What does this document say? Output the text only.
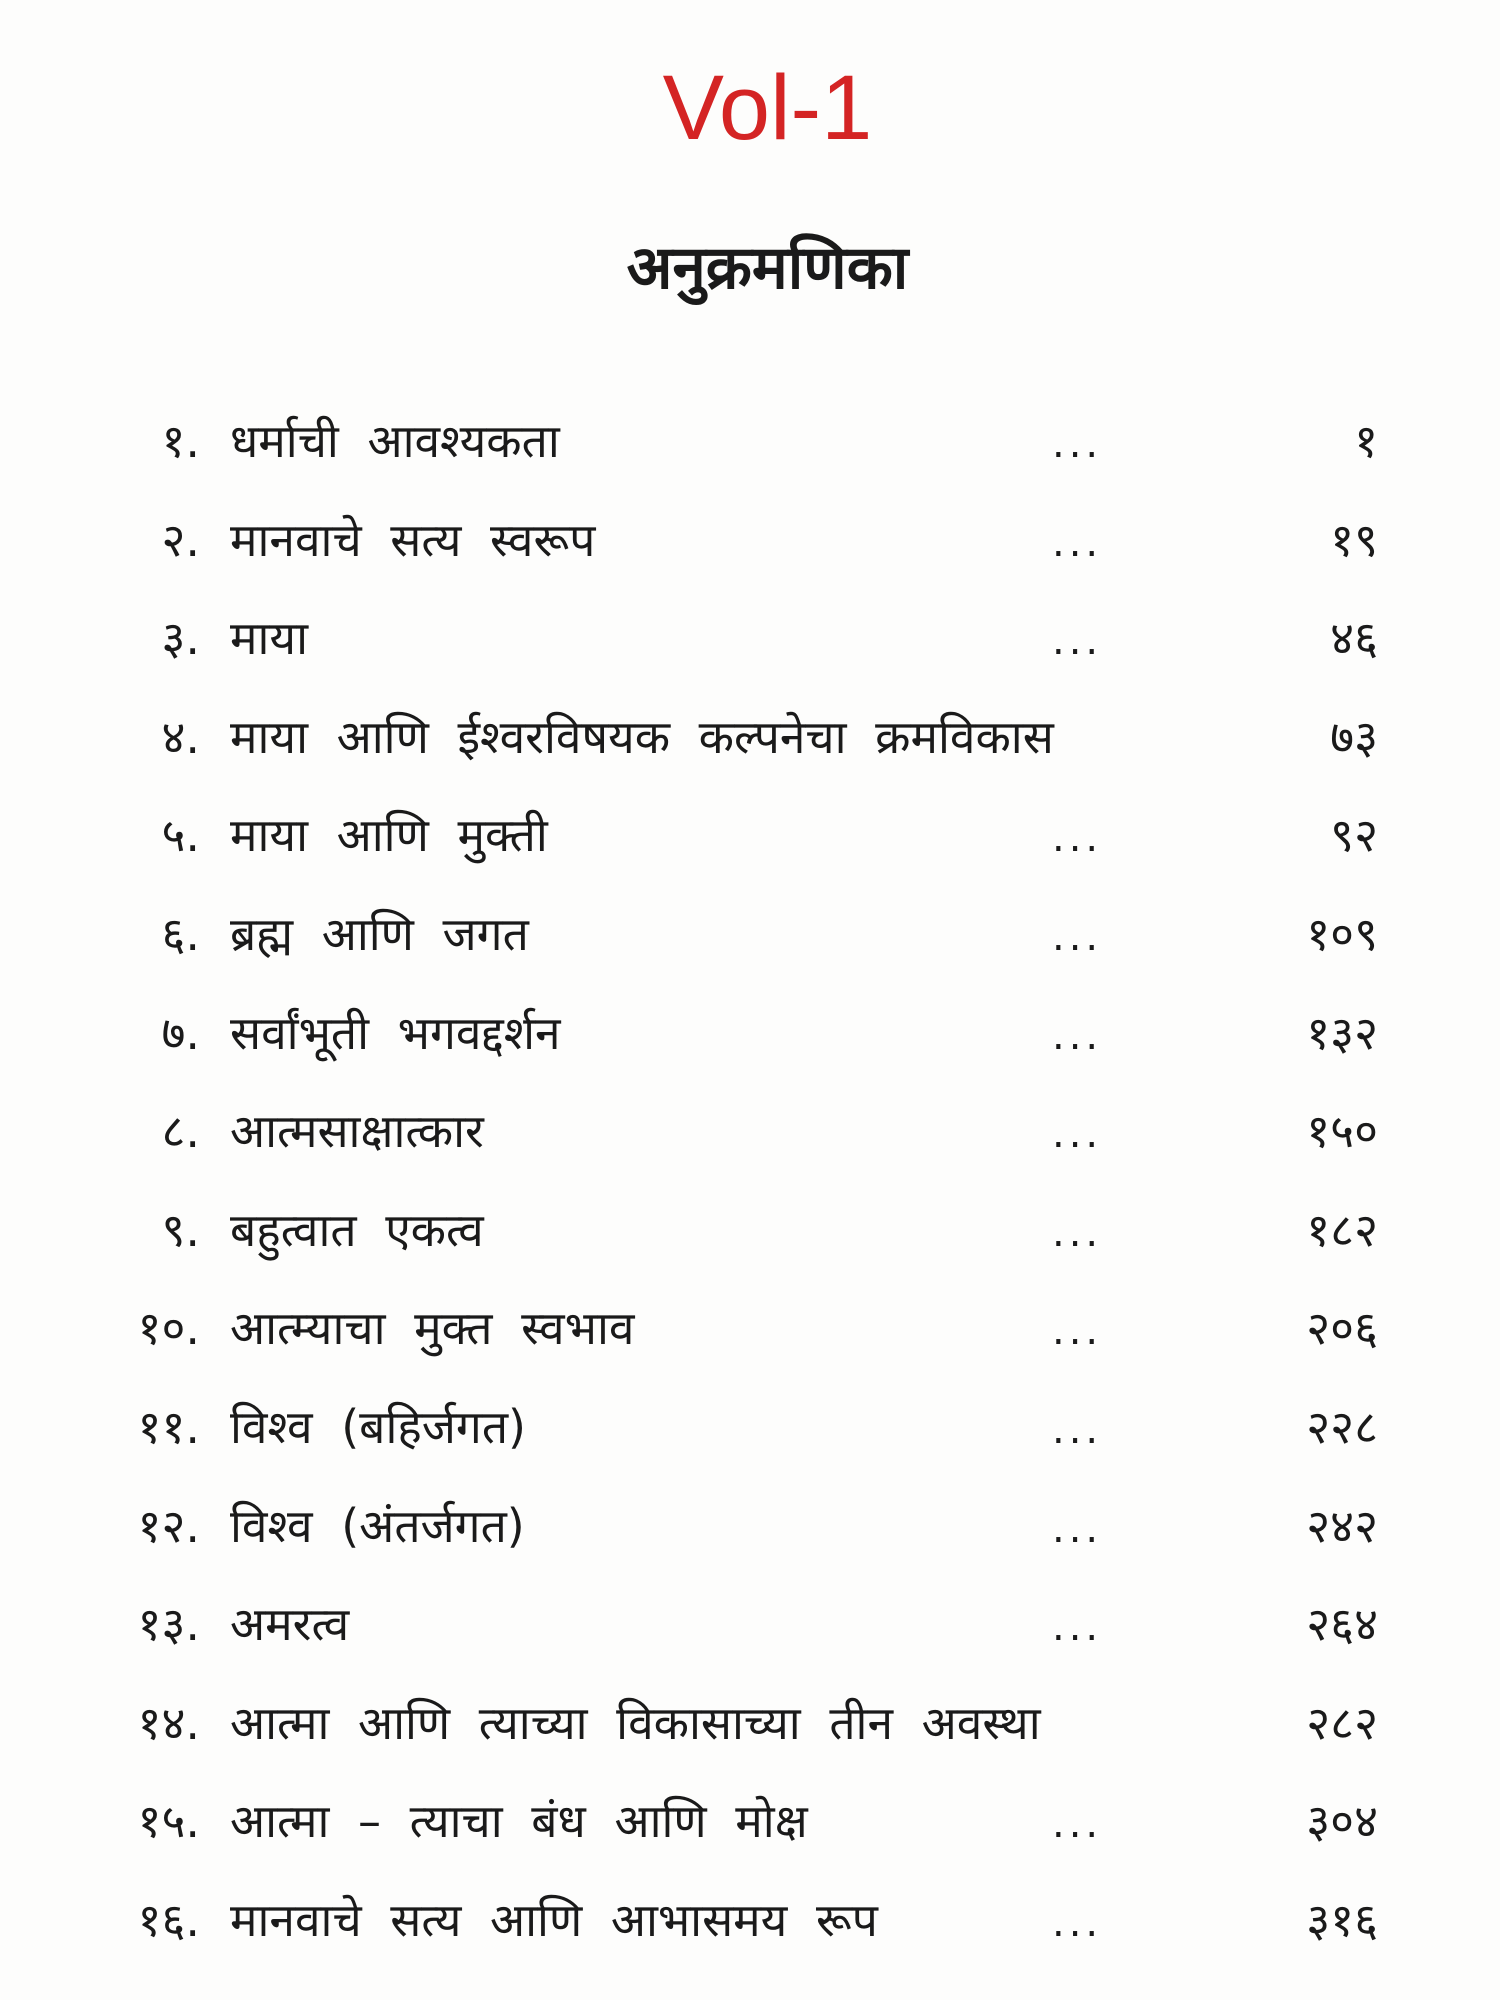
Vol-1
अनुक्रमणिका
१. धर्माची आवश्यकता	...	१
२. मानवाचे सत्य स्वरूप	...	१९
३. माया	...	४६
४. माया आणि ईश्वरविषयक कल्पनेचा क्रमविकास	७३
५. माया आणि मुक्ती	...	९२
६. ब्रह्म आणि जगत	...	१०९
७. सर्वांभूती भगवद्दर्शन	...	१३२
८. आत्मसाक्षात्कार	...	१५०
९. बहुत्वात एकत्व	...	१८२
१०. आत्म्याचा मुक्त स्वभाव	...	२०६
११. विश्व (बहिर्जगत)	...	२२८
१२. विश्व (अंतर्जगत)	...	२४२
१३. अमरत्व	...	२६४
१४. आत्मा आणि त्याच्या विकासाच्या तीन अवस्था	२८२
१५. आत्मा – त्याचा बंध आणि मोक्ष	...	३०४
१६. मानवाचे सत्य आणि आभासमय रूप	...	३१६
